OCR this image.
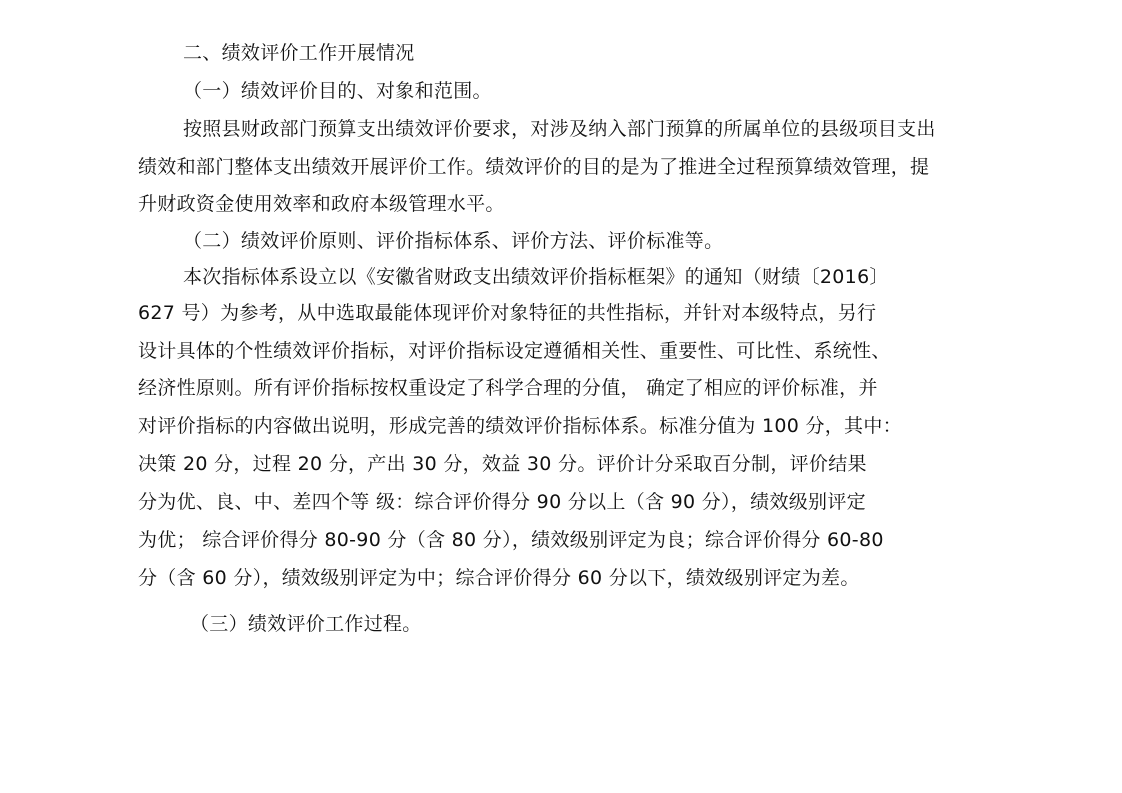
二、绩效评价工作开展情况
（一）绩效评价目的、对象和范围。
按照县财政部门预算支出绩效评价要求，对涉及纳入部门预算的所属单位的县级项目支出
绩效和部门整体支出绩效开展评价工作。绩效评价的目的是为了推进全过程预算绩效管理，提
升财政资金使用效率和政府本级管理水平。
（二）绩效评价原则、评价指标体系、评价方法、评价标准等。
本次指标体系设立以《安徽省财政支出绩效评价指标框架》的通知（财绩〔2016〕
627 号）为参考，从中选取最能体现评价对象特征的共性指标，并针对本级特点，另行
设计具体的个性绩效评价指标，对评价指标设定遵循相关性、重要性、可比性、系统性、
经济性原则。所有评价指标按权重设定了科学合理的分值， 确定了相应的评价标准，并
对评价指标的内容做出说明，形成完善的绩效评价指标体系。标准分值为 100 分，其中：
决策 20 分，过程 20 分，产出 30 分，效益 30 分。评价计分采取百分制，评价结果
分为优、良、中、差四个等 级：综合评价得分 90 分以上（含 90 分），绩效级别评定
为优； 综合评价得分 80-90 分（含 80 分），绩效级别评定为良；综合评价得分 60-80
分（含 60 分），绩效级别评定为中；综合评价得分 60 分以下，绩效级别评定为差。
（三）绩效评价工作过程。
